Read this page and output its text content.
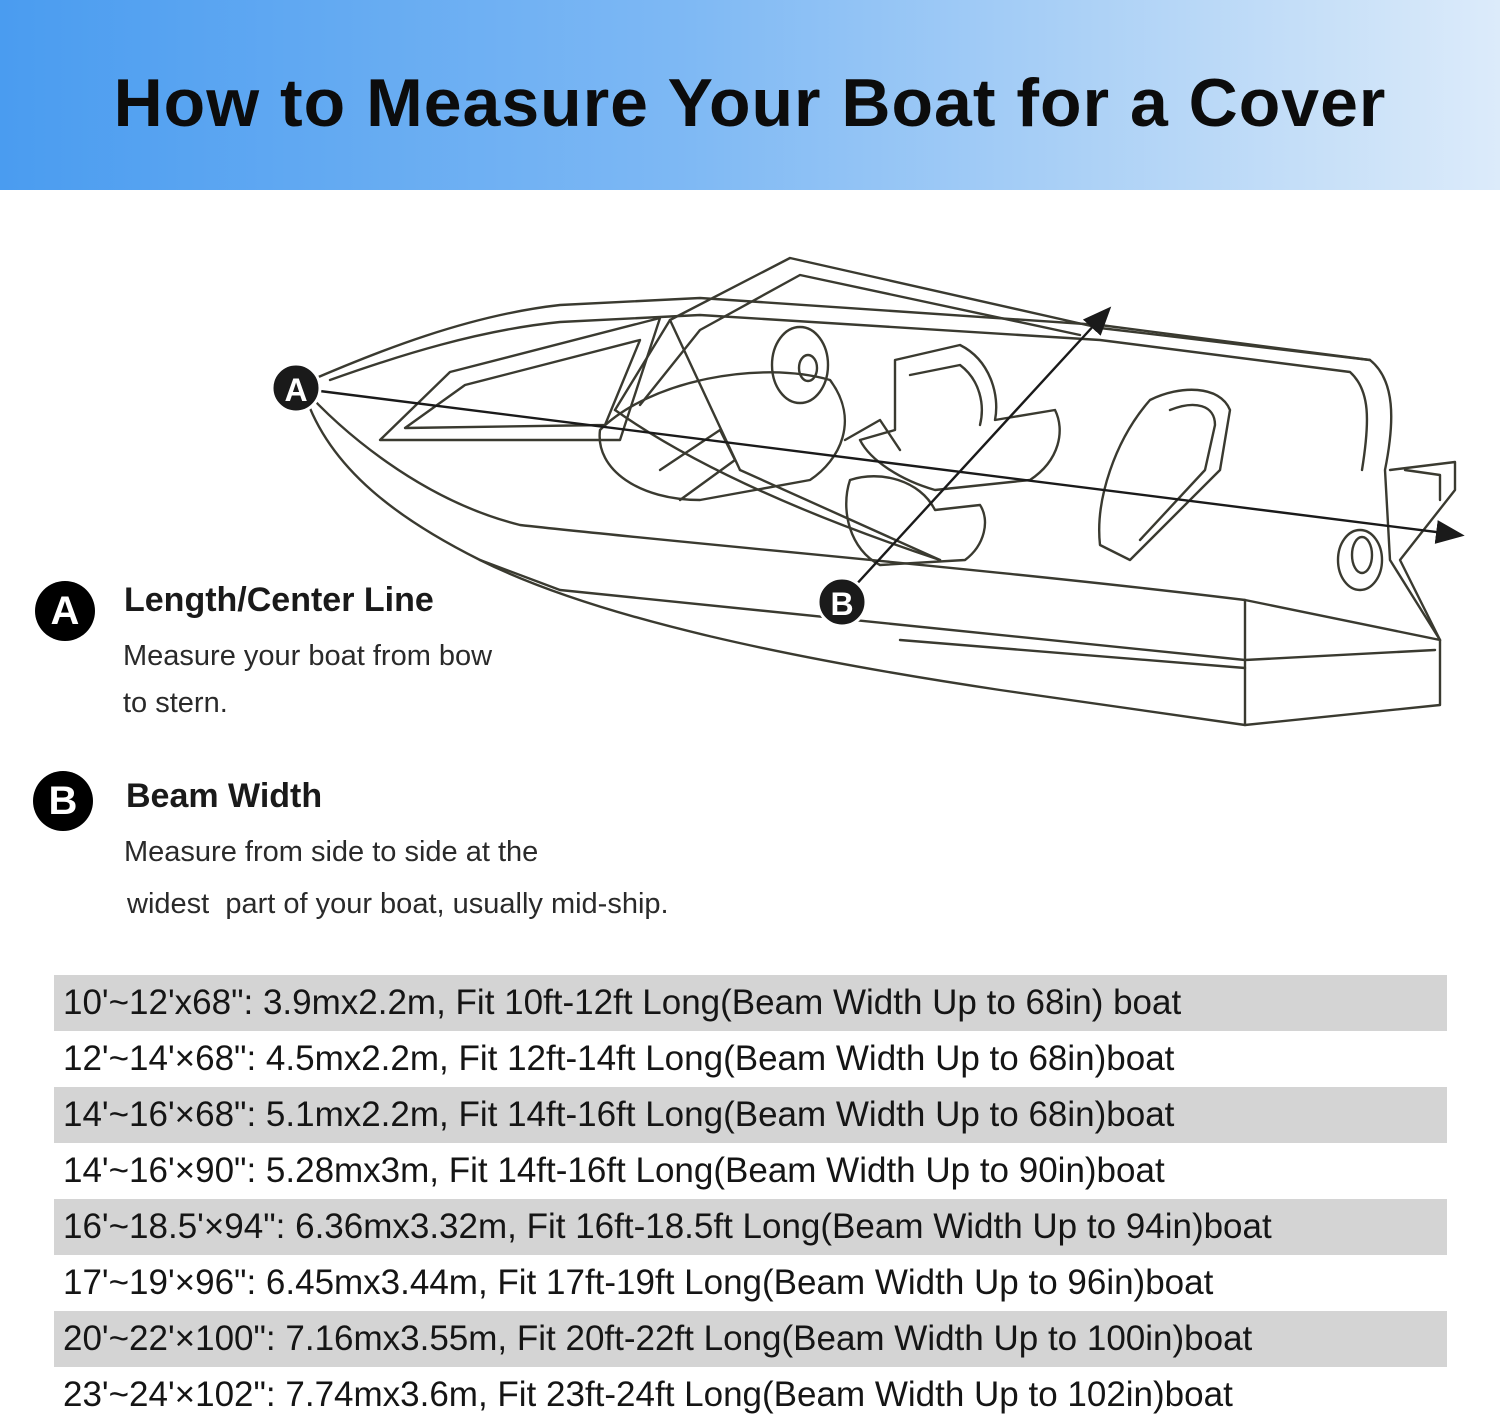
How to Measure Your Boat for a Cover
A
B
A	Length/Center Line
Measure your boat from bow
to stern.
B	Beam Width
Measure from side to side at the
widest  part of your boat, usually mid-ship.
10'~12'x68": 3.9mx2.2m, Fit 10ft-12ft Long(Beam Width Up to 68in) boat
12'~14'×68": 4.5mx2.2m, Fit 12ft-14ft Long(Beam Width Up to 68in)boat
14'~16'×68": 5.1mx2.2m, Fit 14ft-16ft Long(Beam Width Up to 68in)boat
14'~16'×90": 5.28mx3m, Fit 14ft-16ft Long(Beam Width Up to 90in)boat
16'~18.5'×94": 6.36mx3.32m, Fit 16ft-18.5ft Long(Beam Width Up to 94in)boat
17'~19'×96": 6.45mx3.44m, Fit 17ft-19ft Long(Beam Width Up to 96in)boat
20'~22'×100": 7.16mx3.55m, Fit 20ft-22ft Long(Beam Width Up to 100in)boat
23'~24'×102": 7.74mx3.6m, Fit 23ft-24ft Long(Beam Width Up to 102in)boat
